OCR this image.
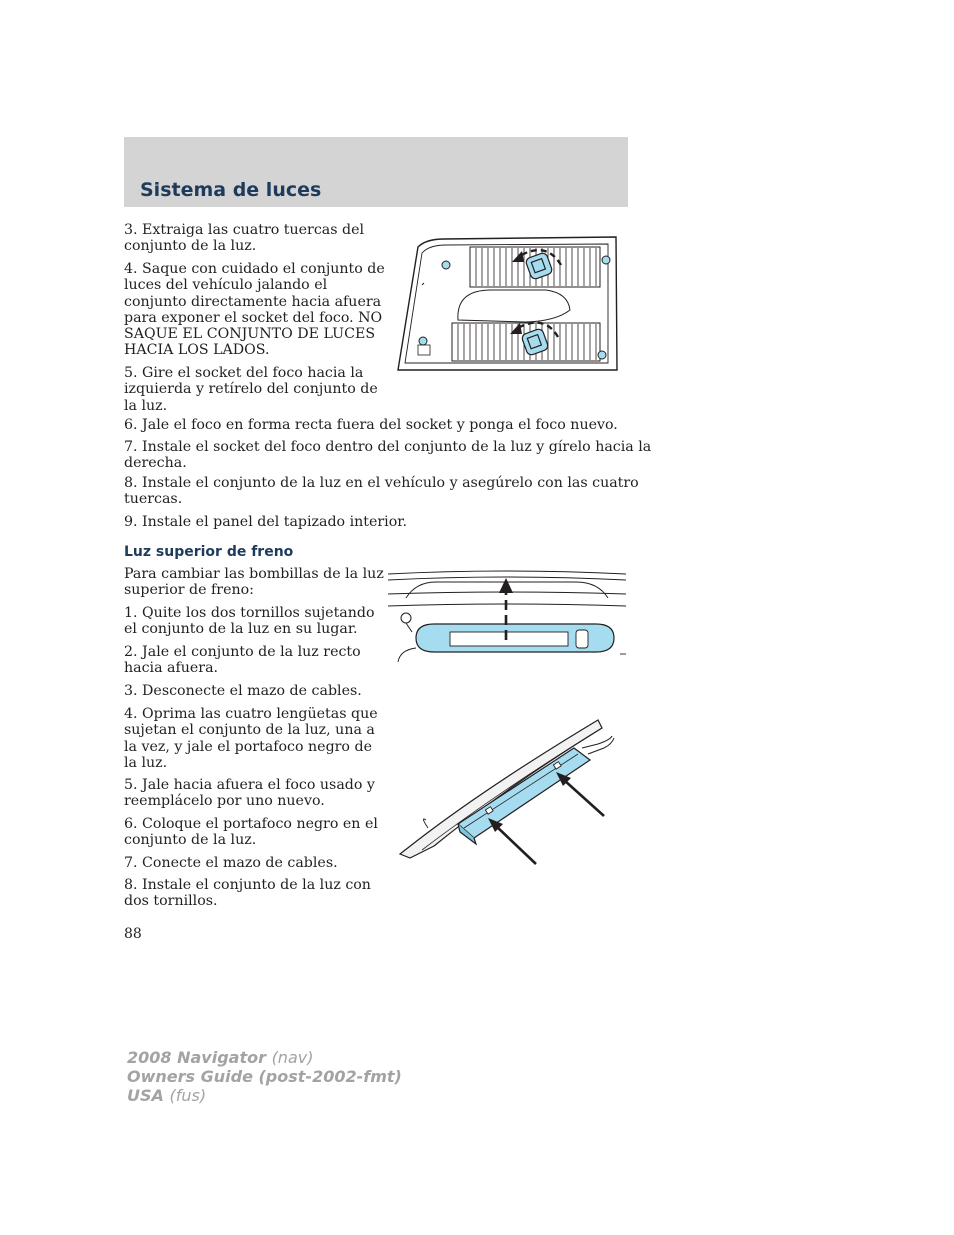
Sistema de luces

3. Extraiga las cuatro tuercas del
conjunto de la luz.

4. Saque con cuidado el conjunto de
luces del vehículo jalando el
conjunto directamente hacia afuera
para exponer el socket del foco. NO
SAQUE EL CONJUNTO DE LUCES
HACIA LOS LADOS.

5. Gire el socket del foco hacia la
izquierda y retírelo del conjunto de
la luz.

6. Jale el foco en forma recta fuera del socket y ponga el foco nuevo.

7. Instale el socket del foco dentro del conjunto de la luz y gírelo hacia la
derecha.

8. Instale el conjunto de la luz en el vehículo y asegúrelo con las cuatro
tuercas.

9. Instale el panel del tapizado interior.

Luz superior de freno

Para cambiar las bombillas de la luz
superior de freno:

1. Quite los dos tornillos sujetando
el conjunto de la luz en su lugar.

2. Jale el conjunto de la luz recto
hacia afuera.

3. Desconecte el mazo de cables.

4. Oprima las cuatro lengüetas que
sujetan el conjunto de la luz, una a
la vez, y jale el portafoco negro de
la luz.

5. Jale hacia afuera el foco usado y
reemplácelo por uno nuevo.

6. Coloque el portafoco negro en el
conjunto de la luz.

7. Conecte el mazo de cables.

8. Instale el conjunto de la luz con
dos tornillos.

88

2008 Navigator (nav)
Owners Guide (post-2002-fmt)
USA (fus)
